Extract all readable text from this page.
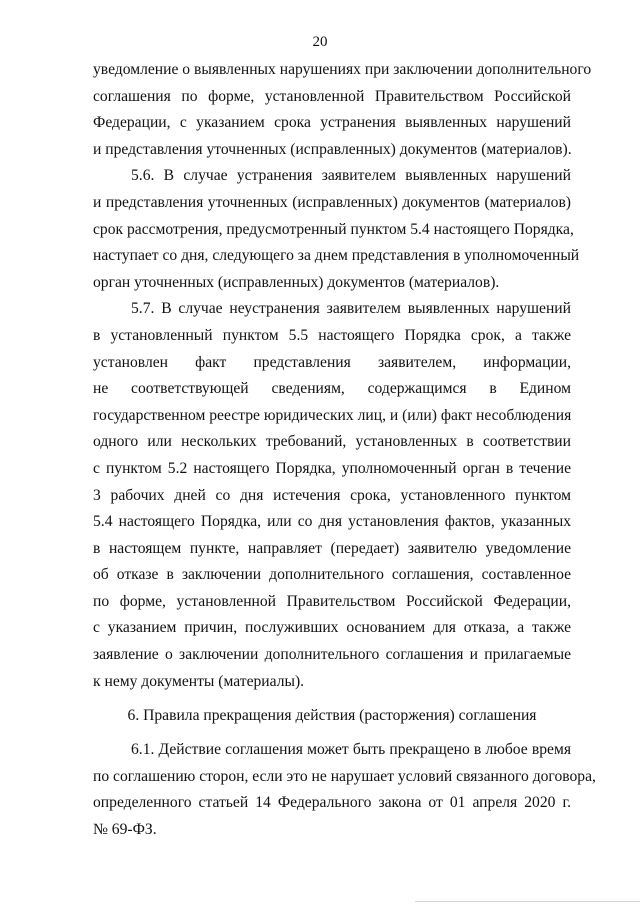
20
уведомление о выявленных нарушениях при заключении дополнительного
соглашения по форме, установленной Правительством Российской
Федерации, с указанием срока устранения выявленных нарушений
и представления уточненных (исправленных) документов (материалов).
5.6. В случае устранения заявителем выявленных нарушений
и представления уточненных (исправленных) документов (материалов)
срок рассмотрения, предусмотренный пунктом 5.4 настоящего Порядка,
наступает со дня, следующего за днем представления в уполномоченный
орган уточненных (исправленных) документов (материалов).
5.7. В случае неустранения заявителем выявленных нарушений
в установленный пунктом 5.5 настоящего Порядка срок, а также
установлен факт представления заявителем, информации,
не соответствующей сведениям, содержащимся в Едином
государственном реестре юридических лиц, и (или) факт несоблюдения
одного или нескольких требований, установленных в соответствии
с пунктом 5.2 настоящего Порядка, уполномоченный орган в течение
3 рабочих дней со дня истечения срока, установленного пунктом
5.4 настоящего Порядка, или со дня установления фактов, указанных
в настоящем пункте, направляет (передает) заявителю уведомление
об отказе в заключении дополнительного соглашения, составленное
по форме, установленной Правительством Российской Федерации,
с указанием причин, послуживших основанием для отказа, а также
заявление о заключении дополнительного соглашения и прилагаемые
к нему документы (материалы).
6. Правила прекращения действия (расторжения) соглашения
6.1. Действие соглашения может быть прекращено в любое время
по соглашению сторон, если это не нарушает условий связанного договора,
определенного статьей 14 Федерального закона от 01 апреля 2020 г.
№ 69-ФЗ.
